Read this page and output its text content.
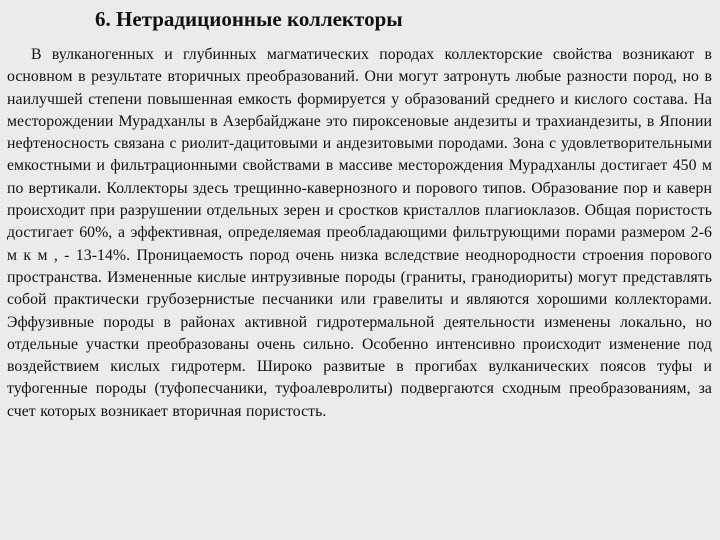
6. Нетрадиционные коллекторы

В вулканогенных и глубинных магматических породах коллекторские свойства возникают в основном в результате вторичных преобразований. Они могут затронуть любые разности пород, но в наилучшей степени повышенная емкость формируется у образований среднего и кислого состава. На месторождении Мурадханлы в Азербайджане это пироксеновые андезиты и трахиандезиты, в Японии нефтеносность связана с риолит-дацитовыми и андезитовыми породами. Зона с удовлетворительными емкостными и фильтрационными свойствами в массиве месторождения Мурадханлы достигает 450 м по вертикали. Коллекторы здесь трещинно-кавернозного и порового типов. Образование пор и каверн происходит при разрушении отдельных зерен и сростков кристаллов плагиоклазов. Общая пористость достигает 60%, а эффективная, определяемая преобладающими фильтрующими порами размером 2-6 м к м , - 13-14%. Проницаемость пород очень низка вследствие неоднородности строения порового пространства. Измененные кислые интрузивные породы (граниты, гранодиориты) могут представлять собой практически грубозернистые песчаники или гравелиты и являются хорошими коллекторами. Эффузивные породы в районах активной гидротермальной деятельности изменены локально, но отдельные участки преобразованы очень сильно. Особенно интенсивно происходит изменение под воздействием кислых гидротерм. Широко развитые в прогибах вулканических поясов туфы и туфогенные породы (туфопесчаники, туфоалевролиты) подвергаются сходным преобразованиям, за счет которых возникает вторичная пористость.
